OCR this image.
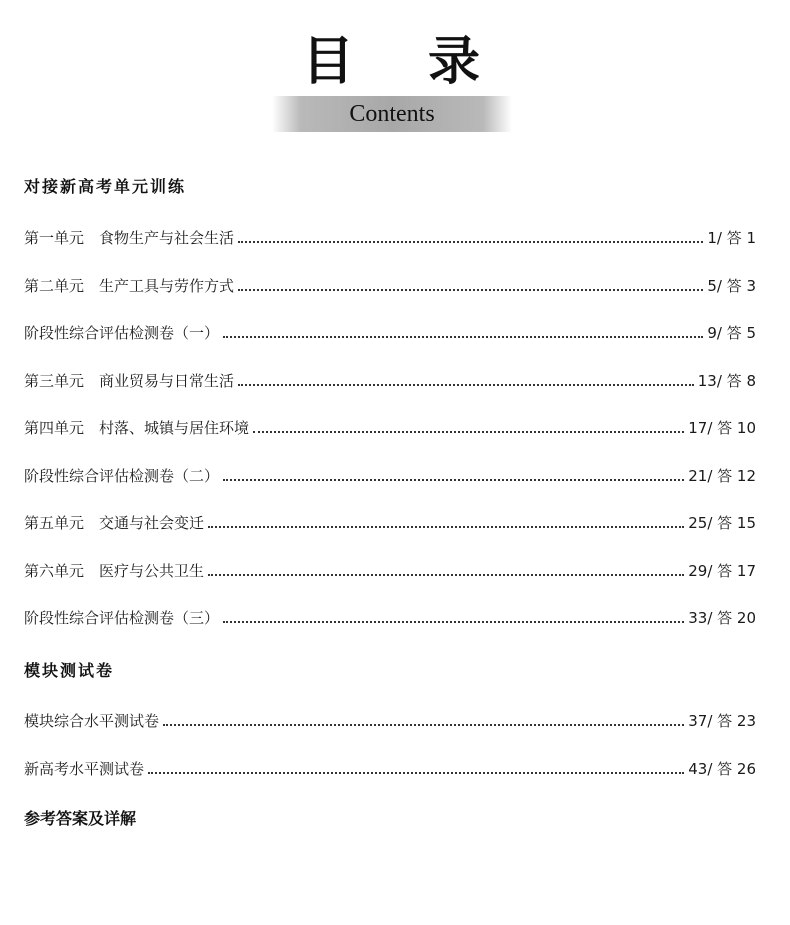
目 录
Contents
对接新高考单元训练
第一单元　食物生产与社会生活	1/ 答 1
第二单元　生产工具与劳作方式	5/ 答 3
阶段性综合评估检测卷（一）	9/ 答 5
第三单元　商业贸易与日常生活	13/ 答 8
第四单元　村落、城镇与居住环境	17/ 答 10
阶段性综合评估检测卷（二）	21/ 答 12
第五单元　交通与社会变迁	25/ 答 15
第六单元　医疗与公共卫生	29/ 答 17
阶段性综合评估检测卷（三）	33/ 答 20
模块测试卷
模块综合水平测试卷	37/ 答 23
新高考水平测试卷	43/ 答 26
参考答案及详解
